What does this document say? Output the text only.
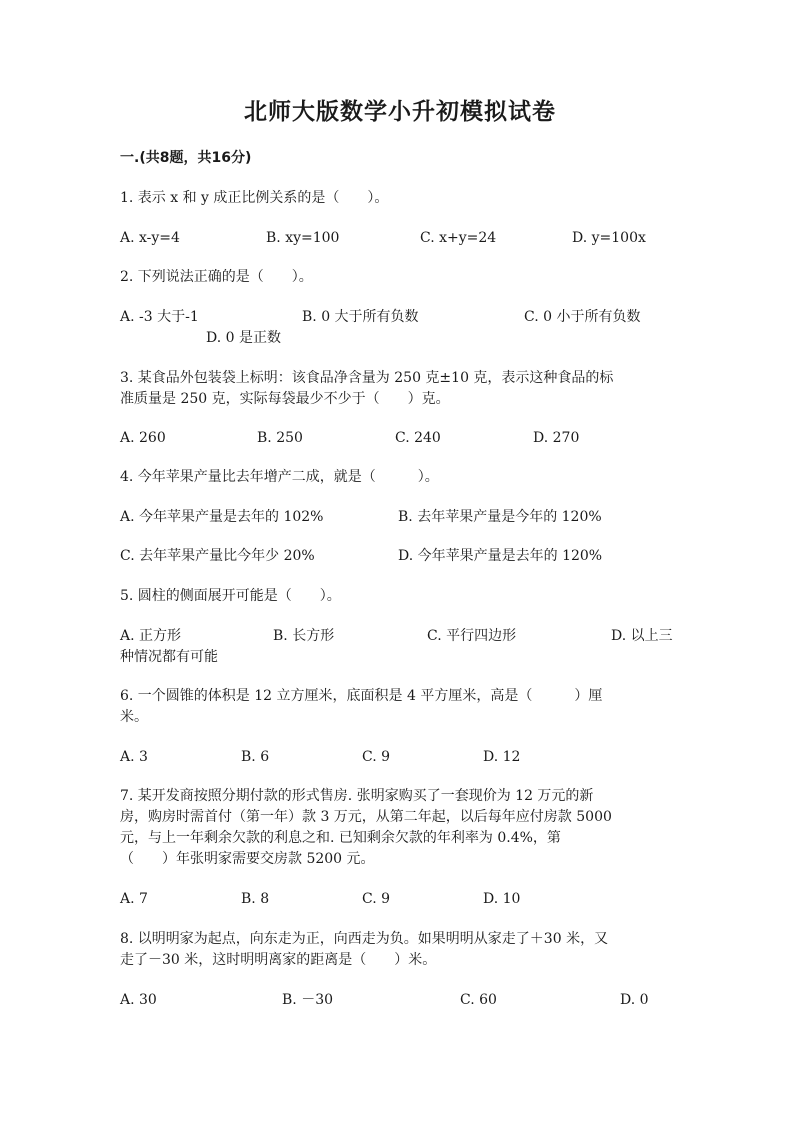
北师大版数学小升初模拟试卷
一.(共8题，共16分)
1. 表示 x 和 y 成正比例关系的是（　　）。
A. x-y=4	B. xy=100	C. x+y=24	D. y=100x
2. 下列说法正确的是（　　）。
A. -3 大于-1	B. 0 大于所有负数	C. 0 小于所有负数
D. 0 是正数
3. 某食品外包装袋上标明：该食品净含量为 250 克±10 克，表示这种食品的标
准质量是 250 克，实际每袋最少不少于（　　）克。
A. 260	B. 250	C. 240	D. 270
4. 今年苹果产量比去年增产二成，就是（　　　）。
A. 今年苹果产量是去年的 102%	B. 去年苹果产量是今年的 120%
C. 去年苹果产量比今年少 20%	D. 今年苹果产量是去年的 120%
5. 圆柱的侧面展开可能是（　　）。
A. 正方形	B. 长方形	C. 平行四边形	D. 以上三
种情况都有可能
6. 一个圆锥的体积是 12 立方厘米，底面积是 4 平方厘米，高是（　　　）厘
米。
A. 3	B. 6	C. 9	D. 12
7. 某开发商按照分期付款的形式售房. 张明家购买了一套现价为 12 万元的新
房，购房时需首付（第一年）款 3 万元，从第二年起，以后每年应付房款 5000
元，与上一年剩余欠款的利息之和. 已知剩余欠款的年利率为 0.4%，第
（　　）年张明家需要交房款 5200 元。
A. 7	B. 8	C. 9	D. 10
8. 以明明家为起点，向东走为正，向西走为负。如果明明从家走了＋30 米，又
走了－30 米，这时明明离家的距离是（　　）米。
A. 30	B. －30	C. 60	D. 0
